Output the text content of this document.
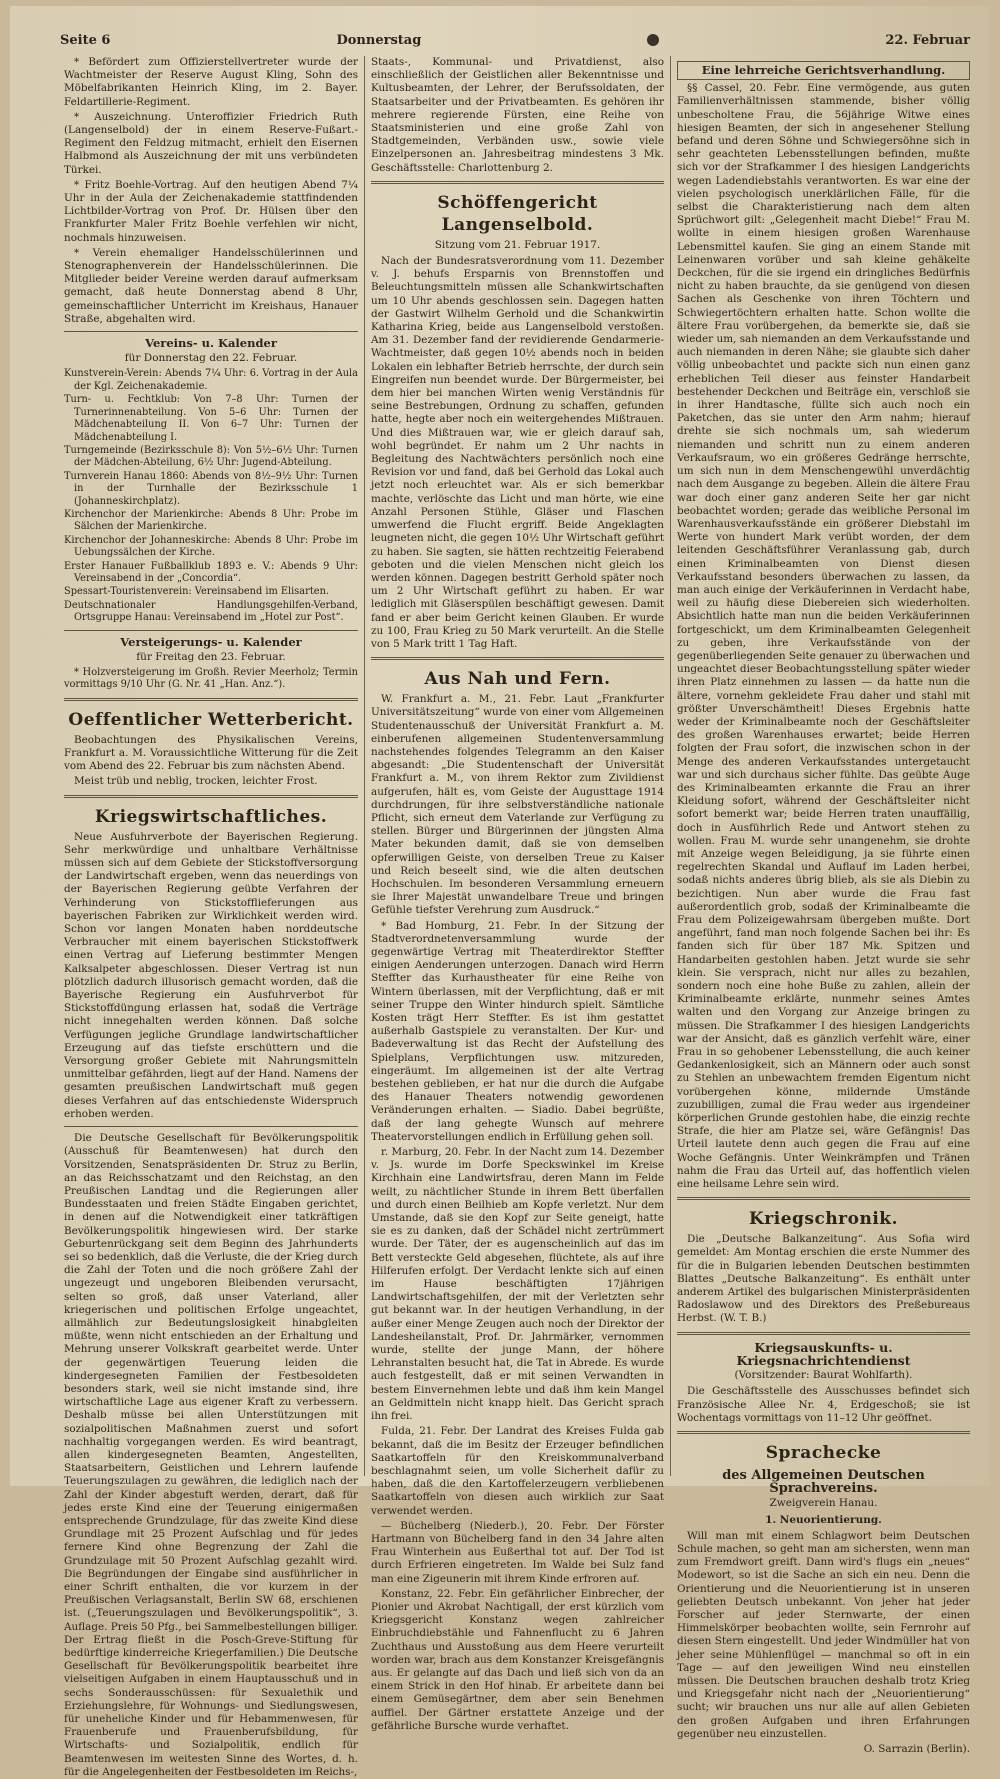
Seite 6	Donnerstag	22. Februar

* Befördert zum Offizierstellvertreter wurde der Wachtmeister der Reserve August Kling, Sohn des Möbelfabrikanten Heinrich Kling, im 2. Bayer. Feldartillerie-Regiment.

* Auszeichnung. Unteroffizier Friedrich Ruth (Langenselbold) der in einem Reserve-Fußart.-Regiment den Feldzug mitmacht, erhielt den Eisernen Halbmond als Auszeichnung der mit uns verbündeten Türkei.

* Fritz Boehle-Vortrag. Auf den heutigen Abend 7¼ Uhr in der Aula der Zeichenakademie stattfindenden Lichtbilder-Vortrag von Prof. Dr. Hülsen über den Frankfurter Maler Fritz Boehle verfehlen wir nicht, nochmals hinzuweisen.

* Verein ehemaliger Handelsschülerinnen und Stenographenverein der Handelsschülerinnen. Die Mitglieder beider Vereine werden darauf aufmerksam gemacht, daß heute Donnerstag abend 8 Uhr, gemeinschaftlicher Unterricht im Kreishaus, Hanauer Straße, abgehalten wird.

Vereins- u. Kalender
für Donnerstag den 22. Februar.
Kunstverein-Verein: Abends 7¼ Uhr: 6. Vortrag in der Aula der Kgl. Zeichenakademie.
Turn- u. Fechtklub: Von 7–8 Uhr: Turnen der Turnerinnenabteilung. Von 5–6 Uhr: Turnen der Mädchenabteilung II. Von 6–7 Uhr: Turnen der Mädchenabteilung I.
Turngemeinde (Bezirksschule 8): Von 5½–6½ Uhr: Turnen der Mädchen-Abteilung, 6½ Uhr: Jugend-Abteilung.
Turnverein Hanau 1860: Abends von 8½–9½ Uhr: Turnen in der Turnhalle der Bezirksschule 1 (Johanneskirchplatz).
Kirchenchor der Marienkirche: Abends 8 Uhr: Probe im Sälchen der Marienkirche.
Kirchenchor der Johanneskirche: Abends 8 Uhr: Probe im Uebungssälchen der Kirche.
Erster Hanauer Fußballklub 1893 e. V.: Abends 9 Uhr: Vereinsabend in der „Concordia“.
Spessart-Touristenverein: Vereinsabend im Elisarten.
Deutschnationaler Handlungsgehilfen-Verband, Ortsgruppe Hanau: Vereinsabend im „Hotel zur Post“.
Versteigerungs- u. Kalender
für Freitag den 23. Februar.

* Holzversteigerung im Großh. Revier Meerholz; Termin vormittags 9/10 Uhr (G. Nr. 41 „Han. Anz.“).

Oeffentlicher Wetterbericht.

Beobachtungen des Physikalischen Vereins, Frankfurt a. M. Voraussichtliche Witterung für die Zeit vom Abend des 22. Februar bis zum nächsten Abend.

Meist trüb und neblig, trocken, leichter Frost.

Kriegswirtschaftliches.

Neue Ausfuhrverbote der Bayerischen Regierung. Sehr merkwürdige und unhaltbare Verhältnisse müssen sich auf dem Gebiete der Stickstoffversorgung der Landwirtschaft ergeben, wenn das neuerdings von der Bayerischen Regierung geübte Verfahren der Verhinderung von Stickstofflieferungen aus bayerischen Fabriken zur Wirklichkeit werden wird. Schon vor langen Monaten haben norddeutsche Verbraucher mit einem bayerischen Stickstoffwerk einen Vertrag auf Lieferung bestimmter Mengen Kalksalpeter abgeschlossen. Dieser Vertrag ist nun plötzlich dadurch illusorisch gemacht worden, daß die Bayerische Regierung ein Ausfuhrverbot für Stickstoffdüngung erlassen hat, sodaß die Verträge nicht innegehalten werden können. Daß solche Verfügungen jegliche Grundlage landwirtschaftlicher Erzeugung auf das tiefste erschüttern und die Versorgung großer Gebiete mit Nahrungsmitteln unmittelbar gefährden, liegt auf der Hand. Namens der gesamten preußischen Landwirtschaft muß gegen dieses Verfahren auf das entschiedenste Widerspruch erhoben werden.

Die Deutsche Gesellschaft für Bevölkerungspolitik (Ausschuß für Beamtenwesen) hat durch den Vorsitzenden, Senatspräsidenten Dr. Struz zu Berlin, an das Reichsschatzamt und den Reichstag, an den Preußischen Landtag und die Regierungen aller Bundesstaaten und freien Städte Eingaben gerichtet, in denen auf die Notwendigkeit einer tatkräftigen Bevölkerungspolitik hingewiesen wird. Der starke Geburtenrückgang seit dem Beginn des Jahrhunderts sei so bedenklich, daß die Verluste, die der Krieg durch die Zahl der Toten und die noch größere Zahl der ungezeugt und ungeboren Bleibenden verursacht, selten so groß, daß unser Vaterland, aller kriegerischen und politischen Erfolge ungeachtet, allmählich zur Bedeutungslosigkeit hinabgleiten müßte, wenn nicht entschieden an der Erhaltung und Mehrung unserer Volkskraft gearbeitet werde. Unter der gegenwärtigen Teuerung leiden die kindergesegneten Familien der Festbesoldeten besonders stark, weil sie nicht imstande sind, ihre wirtschaftliche Lage aus eigener Kraft zu verbessern. Deshalb müsse bei allen Unterstützungen mit sozialpolitischen Maßnahmen zuerst und sofort nachhaltig vorgegangen werden. Es wird beantragt, allen kindergesegneten Beamten, Angestellten, Staatsarbeitern, Geistlichen und Lehrern laufende Teuerungszulagen zu gewähren, die lediglich nach der Zahl der Kinder abgestuft werden, derart, daß für jedes erste Kind eine der Teuerung einigermaßen entsprechende Grundzulage, für das zweite Kind diese Grundlage mit 25 Prozent Aufschlag und für jedes fernere Kind ohne Begrenzung der Zahl die Grundzulage mit 50 Prozent Aufschlag gezahlt wird. Die Begründungen der Eingabe sind ausführlicher in einer Schrift enthalten, die vor kurzem in der Preußischen Verlagsanstalt, Berlin SW 68, erschienen ist. („Teuerungszulagen und Bevölkerungspolitik“, 3. Auflage. Preis 50 Pfg., bei Sammelbestellungen billiger. Der Ertrag fließt in die Posch-Greve-Stiftung für bedürftige kinderreiche Kriegerfamilien.) Die Deutsche Gesellschaft für Bevölkerungspolitik bearbeitet ihre vielseitigen Aufgaben in einem Hauptausschuß und in sechs Sonderausschüssen: für Sexualethik und Erziehungslehre, für Wohnungs- und Siedlungswesen, für uneheliche Kinder und für Hebammenwesen, für Frauenberufe und Frauenberufsbildung, für Wirtschafts- und Sozialpolitik, endlich für Beamtenwesen im weitesten Sinne des Wortes, d. h. für die Angelegenheiten der Festbesoldeten im Reichs-,

Staats-, Kommunal- und Privatdienst, also einschließlich der Geistlichen aller Bekenntnisse und Kultusbeamten, der Lehrer, der Berufssoldaten, der Staatsarbeiter und der Privatbeamten. Es gehören ihr mehrere regierende Fürsten, eine Reihe von Staatsministerien und eine große Zahl von Stadtgemeinden, Verbänden usw., sowie viele Einzelpersonen an. Jahresbeitrag mindestens 3 Mk. Geschäftsstelle: Charlottenburg 2.

Schöffengericht Langenselbold.
Sitzung vom 21. Februar 1917.

Nach der Bundesratsverordnung vom 11. Dezember v. J. behufs Ersparnis von Brennstoffen und Beleuchtungsmitteln müssen alle Schankwirtschaften um 10 Uhr abends geschlossen sein. Dagegen hatten der Gastwirt Wilhelm Gerhold und die Schankwirtin Katharina Krieg, beide aus Langenselbold verstoßen. Am 31. Dezember fand der revidierende Gendarmerie-Wachtmeister, daß gegen 10½ abends noch in beiden Lokalen ein lebhafter Betrieb herrschte, der durch sein Eingreifen nun beendet wurde. Der Bürgermeister, bei dem hier bei manchen Wirten wenig Verständnis für seine Bestrebungen, Ordnung zu schaffen, gefunden hatte, hegte aber noch ein weitergehendes Mißtrauen. Und dies Mißtrauen war, wie er gleich darauf sah, wohl begründet. Er nahm um 2 Uhr nachts in Begleitung des Nachtwächters persönlich noch eine Revision vor und fand, daß bei Gerhold das Lokal auch jetzt noch erleuchtet war. Als er sich bemerkbar machte, verlöschte das Licht und man hörte, wie eine Anzahl Personen Stühle, Gläser und Flaschen umwerfend die Flucht ergriff. Beide Angeklagten leugneten nicht, die gegen 10½ Uhr Wirtschaft geführt zu haben. Sie sagten, sie hätten rechtzeitig Feierabend geboten und die vielen Menschen nicht gleich los werden können. Dagegen bestritt Gerhold später noch um 2 Uhr Wirtschaft geführt zu haben. Er war lediglich mit Gläserspülen beschäftigt gewesen. Damit fand er aber beim Gericht keinen Glauben. Er wurde zu 100, Frau Krieg zu 50 Mark verurteilt. An die Stelle von 5 Mark tritt 1 Tag Haft.

Aus Nah und Fern.

W. Frankfurt a. M., 21. Febr. Laut „Frankfurter Universitätszeitung“ wurde von einer vom Allgemeinen Studentenausschuß der Universität Frankfurt a. M. einberufenen allgemeinen Studentenversammlung nachstehendes folgendes Telegramm an den Kaiser abgesandt: „Die Studentenschaft der Universität Frankfurt a. M., von ihrem Rektor zum Zivildienst aufgerufen, hält es, vom Geiste der Augusttage 1914 durchdrungen, für ihre selbstverständliche nationale Pflicht, sich erneut dem Vaterlande zur Verfügung zu stellen. Bürger und Bürgerinnen der jüngsten Alma Mater bekunden damit, daß sie von demselben opferwilligen Geiste, von derselben Treue zu Kaiser und Reich beseelt sind, wie die alten deutschen Hochschulen. Im besonderen Versammlung erneuern sie Ihrer Majestät unwandelbare Treue und bringen Gefühle tiefster Verehrung zum Ausdruck.“

* Bad Homburg, 21. Febr. In der Sitzung der Stadtverordnetenversammlung wurde der gegenwärtige Vertrag mit Theaterdirektor Steffter einigen Aenderungen unterzogen. Danach wird Herrn Steffter das Kurhaustheater für eine Reihe von Wintern überlassen, mit der Verpflichtung, daß er mit seiner Truppe den Winter hindurch spielt. Sämtliche Kosten trägt Herr Steffter. Es ist ihm gestattet außerhalb Gastspiele zu veranstalten. Der Kur- und Badeverwaltung ist das Recht der Aufstellung des Spielplans, Verpflichtungen usw. mitzureden, eingeräumt. Im allgemeinen ist der alte Vertrag bestehen geblieben, er hat nur die durch die Aufgabe des Hanauer Theaters notwendig gewordenen Veränderungen erhalten. — Siadio. Dabei begrüßte, daß der lang gehegte Wunsch auf mehrere Theatervorstellungen endlich in Erfüllung gehen soll.

r. Marburg, 20. Febr. In der Nacht zum 14. Dezember v. Js. wurde im Dorfe Speckswinkel im Kreise Kirchhain eine Landwirtsfrau, deren Mann im Felde weilt, zu nächtlicher Stunde in ihrem Bett überfallen und durch einen Beilhieb am Kopfe verletzt. Nur dem Umstande, daß sie den Kopf zur Seite geneigt, hatte sie es zu danken, daß der Schädel nicht zertrümmert wurde. Der Täter, der es augenscheinlich auf das im Bett versteckte Geld abgesehen, flüchtete, als auf ihre Hilferufen erfolgt. Der Verdacht lenkte sich auf einen im Hause beschäftigten 17jährigen Landwirtschaftsgehilfen, der mit der Verletzten sehr gut bekannt war. In der heutigen Verhandlung, in der außer einer Menge Zeugen auch noch der Direktor der Landesheilanstalt, Prof. Dr. Jahrmärker, vernommen wurde, stellte der junge Mann, der höhere Lehranstalten besucht hat, die Tat in Abrede. Es wurde auch festgestellt, daß er mit seinen Verwandten in bestem Einvernehmen lebte und daß ihm kein Mangel an Geldmitteln nicht knapp hielt. Das Gericht sprach ihn frei.

Fulda, 21. Febr. Der Landrat des Kreises Fulda gab bekannt, daß die im Besitz der Erzeuger befindlichen Saatkartoffeln für den Kreiskommunalverband beschlagnahmt seien, um volle Sicherheit dafür zu haben, daß die den Kartoffelerzeugern verbliebenen Saatkartoffeln von diesen auch wirklich zur Saat verwendet werden.

— Büchelberg (Niederb.), 20. Febr. Der Förster Hartmann von Büchelberg fand in den 34 Jahre alten Frau Winterhein aus Eußerthal tot auf. Der Tod ist durch Erfrieren eingetreten. Im Walde bei Sulz fand man eine Zigeunerin mit ihrem Kinde erfroren auf.

Konstanz, 22. Febr. Ein gefährlicher Einbrecher, der Pionier und Akrobat Nachtigall, der erst kürzlich vom Kriegsgericht Konstanz wegen zahlreicher Einbruchdiebstähle und Fahnenflucht zu 6 Jahren Zuchthaus und Ausstoßung aus dem Heere verurteilt worden war, brach aus dem Konstanzer Kreisgefängnis aus. Er gelangte auf das Dach und ließ sich von da an einem Strick in den Hof hinab. Er arbeitete dann bei einem Gemüsegärtner, dem aber sein Benehmen auffiel. Der Gärtner erstattete Anzeige und der gefährliche Bursche wurde verhaftet.

Eine lehrreiche Gerichtsverhandlung.

§§ Cassel, 20. Febr. Eine vermögende, aus guten Familienverhältnissen stammende, bisher völlig unbescholtene Frau, die 56jährige Witwe eines hiesigen Beamten, der sich in angesehener Stellung befand und deren Söhne und Schwiegersöhne sich in sehr geachteten Lebensstellungen befinden, mußte sich vor der Strafkammer I des hiesigen Landgerichts wegen Ladendiebstahls verantworten. Es war eine der vielen psychologisch unerklärlichen Fälle, für die selbst die Charakteristierung nach dem alten Sprüchwort gilt: „Gelegenheit macht Diebe!“ Frau M. wollte in einem hiesigen großen Warenhause Lebensmittel kaufen. Sie ging an einem Stande mit Leinenwaren vorüber und sah kleine gehäkelte Deckchen, für die sie irgend ein dringliches Bedürfnis nicht zu haben brauchte, da sie genügend von diesen Sachen als Geschenke von ihren Töchtern und Schwiegertöchtern erhalten hatte. Schon wollte die ältere Frau vorübergehen, da bemerkte sie, daß sie wieder um, sah niemanden an dem Verkaufsstande und auch niemanden in deren Nähe; sie glaubte sich daher völlig unbeobachtet und packte sich nun einen ganz erheblichen Teil dieser aus feinster Handarbeit bestehender Deckchen und Beiträge ein, verschloß sie in ihrer Handtasche, füllte sich auch noch ein Paketchen, das sie unter den Arm nahm; hierauf drehte sie sich nochmals um, sah wiederum niemanden und schritt nun zu einem anderen Verkaufsraum, wo ein größeres Gedränge herrschte, um sich nun in dem Menschengewühl unverdächtig nach dem Ausgange zu begeben. Allein die ältere Frau war doch einer ganz anderen Seite her gar nicht beobachtet worden; gerade das weibliche Personal im Warenhausverkaufsstände ein größerer Diebstahl im Werte von hundert Mark verübt worden, der dem leitenden Geschäftsführer Veranlassung gab, durch einen Kriminalbeamten von Dienst diesen Verkaufsstand besonders überwachen zu lassen, da man auch einige der Verkäuferinnen in Verdacht habe, weil zu häufig diese Diebereien sich wiederholten. Absichtlich hatte man nun die beiden Verkäuferinnen fortgeschickt, um dem Kriminalbeamten Gelegenheit zu geben, ihre Verkaufsstände von der gegenüberliegenden Seite genauer zu überwachen und ungeachtet dieser Beobachtungsstellung später wieder ihren Platz einnehmen zu lassen — da hatte nun die ältere, vornehm gekleidete Frau daher und stahl mit größter Unverschämtheit! Dieses Ergebnis hatte weder der Kriminalbeamte noch der Geschäftsleiter des großen Warenhauses erwartet; beide Herren folgten der Frau sofort, die inzwischen schon in der Menge des anderen Verkaufsstandes untergetaucht war und sich durchaus sicher fühlte. Das geübte Auge des Kriminalbeamten erkannte die Frau an ihrer Kleidung sofort, während der Geschäftsleiter nicht sofort bemerkt war; beide Herren traten unauffällig, doch in Ausführlich Rede und Antwort stehen zu wollen. Frau M. wurde sehr unangenehm, sie drohte mit Anzeige wegen Beleidigung, ja sie führte einen regelrechten Skandal und Auflauf im Laden herbei, sodaß nichts anderes übrig blieb, als sie als Diebin zu bezichtigen. Nun aber wurde die Frau fast außerordentlich grob, sodaß der Kriminalbeamte die Frau dem Polizeigewahrsam übergeben mußte. Dort angeführt, fand man noch folgende Sachen bei ihr: Es fanden sich für über 187 Mk. Spitzen und Handarbeiten gestohlen haben. Jetzt wurde sie sehr klein. Sie versprach, nicht nur alles zu bezahlen, sondern noch eine hohe Buße zu zahlen, allein der Kriminalbeamte erklärte, nunmehr seines Amtes walten und den Vorgang zur Anzeige bringen zu müssen. Die Strafkammer I des hiesigen Landgerichts war der Ansicht, daß es gänzlich verfehlt wäre, einer Frau in so gehobener Lebensstellung, die auch keiner Gedankenlosigkeit, sich an Männern oder auch sonst zu Stehlen an unbewachtem fremden Eigentum nicht vorübergehen könne, mildernde Umstände zuzubilligen, zumal die Frau weder aus irgendeiner körperlichen Grunde gestohlen habe, die einzig rechte Strafe, die hier am Platze sei, wäre Gefängnis! Das Urteil lautete denn auch gegen die Frau auf eine Woche Gefängnis. Unter Weinkrämpfen und Tränen nahm die Frau das Urteil auf, das hoffentlich vielen eine heilsame Lehre sein wird.

Kriegschronik.

Die „Deutsche Balkanzeitung“. Aus Sofia wird gemeldet: Am Montag erschien die erste Nummer des für die in Bulgarien lebenden Deutschen bestimmten Blattes „Deutsche Balkanzeitung“. Es enthält unter anderem Artikel des bulgarischen Ministerpräsidenten Radoslawow und des Direktors des Preßebureaus Herbst. (W. T. B.)

Kriegsauskunfts- u. Kriegsnachrichtendienst
(Vorsitzender: Baurat Wohlfarth).

Die Geschäftsstelle des Ausschusses befindet sich Französische Allee Nr. 4, Erdgeschoß; sie ist Wochentags vormittags von 11–12 Uhr geöffnet.

Sprachecke
des Allgemeinen Deutschen Sprachvereins.
Zweigverein Hanau.
1. Neuorientierung.

Will man mit einem Schlagwort beim Deutschen Schule machen, so geht man am sichersten, wenn man zum Fremdwort greift. Dann wird's flugs ein „neues“ Modewort, so ist die Sache an sich ein neu. Denn die Orientierung und die Neuorientierung ist in unseren geliebten Deutsch unbekannt. Von jeher hat jeder Forscher auf jeder Sternwarte, der einen Himmelskörper beobachten wollte, sein Fernrohr auf diesen Stern eingestellt. Und jeder Windmüller hat von jeher seine Mühlenflügel — manchmal so oft in ein Tage — auf den jeweiligen Wind neu einstellen müssen. Die Deutschen brauchen deshalb trotz Krieg und Kriegsgefahr nicht nach der „Neuorientierung“ sucht; wir brauchen uns nur alle auf allen Gebieten den großen Aufgaben und ihren Erfahrungen gegenüber neu einzustellen.

O. Sarrazin (Berlin).
